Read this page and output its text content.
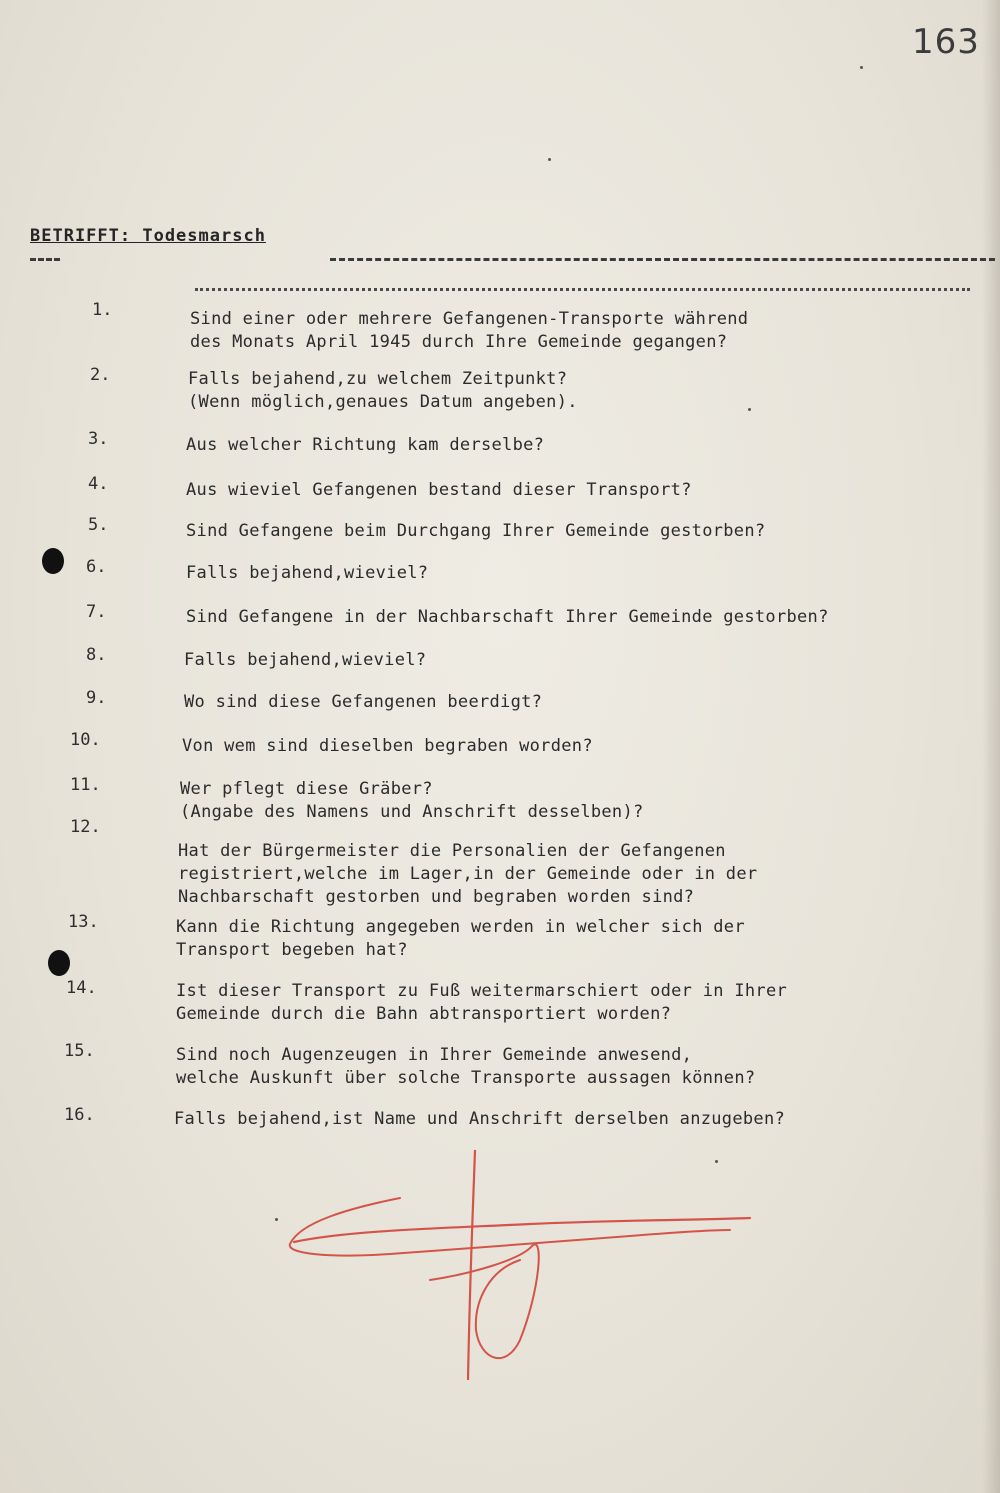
163
BETRIFFT: Todesmarsch
1.	Sind einer oder mehrere Gefangenen-Transporte während
des Monats April 1945 durch Ihre Gemeinde gegangen?
2.	Falls bejahend,zu welchem Zeitpunkt?
(Wenn möglich,genaues Datum angeben).
3.	Aus welcher Richtung kam derselbe?
4.	Aus wieviel Gefangenen bestand dieser Transport?
5.	Sind Gefangene beim Durchgang Ihrer Gemeinde gestorben?
6.	Falls bejahend,wieviel?
7.	Sind Gefangene in der Nachbarschaft Ihrer Gemeinde gestorben?
8.	Falls bejahend,wieviel?
9.	Wo sind diese Gefangenen beerdigt?
10.	Von wem sind dieselben begraben worden?
11.	Wer pflegt diese Gräber?
(Angabe des Namens und Anschrift desselben)?
12.
Hat der Bürgermeister die Personalien der Gefangenen
registriert,welche im Lager,in der Gemeinde oder in der
Nachbarschaft gestorben und begraben worden sind?
13.	Kann die Richtung angegeben werden in welcher sich der
Transport begeben hat?
14.	Ist dieser Transport zu Fuß weitermarschiert oder in Ihrer
Gemeinde durch die Bahn abtransportiert worden?
15.	Sind noch Augenzeugen in Ihrer Gemeinde anwesend,
welche Auskunft über solche Transporte aussagen können?
16.	Falls bejahend,ist Name und Anschrift derselben anzugeben?
